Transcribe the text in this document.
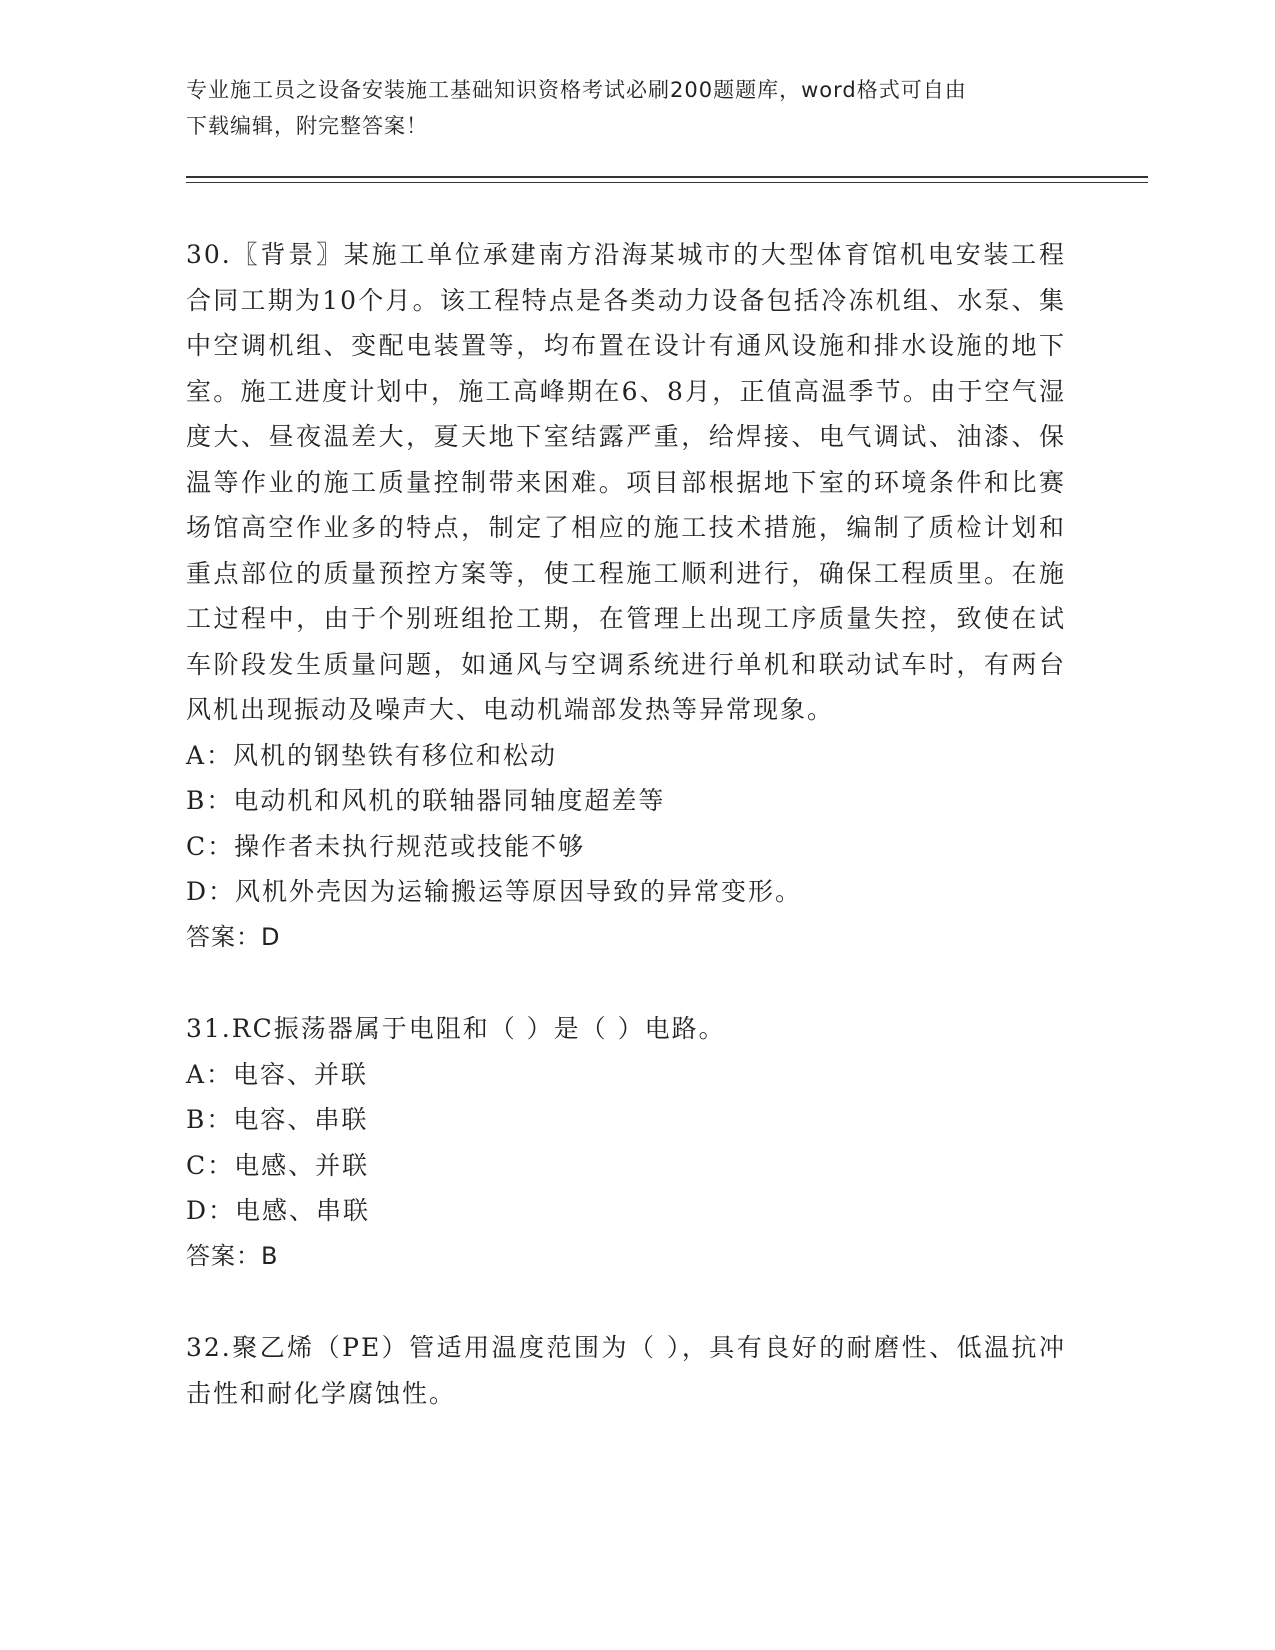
专业施工员之设备安装施工基础知识资格考试必刷200题题库，word格式可自由
下载编辑，附完整答案！

30.〖背景〗某施工单位承建南方沿海某城市的大型体育馆机电安装工程合同工期为10个月。该工程特点是各类动力设备包括冷冻机组、水泵、集中空调机组、变配电装置等，均布置在设计有通风设施和排水设施的地下室。施工进度计划中，施工高峰期在6、8月，正值高温季节。由于空气湿度大、昼夜温差大，夏天地下室结露严重，给焊接、电气调试、油漆、保温等作业的施工质量控制带来困难。项目部根据地下室的环境条件和比赛场馆高空作业多的特点，制定了相应的施工技术措施，编制了质检计划和重点部位的质量预控方案等，使工程施工顺利进行，确保工程质里。在施工过程中，由于个别班组抢工期，在管理上出现工序质量失控，致使在试车阶段发生质量问题，如通风与空调系统进行单机和联动试车时，有两台风机出现振动及噪声大、电动机端部发热等异常现象。

A：风机的钢垫铁有移位和松动

B：电动机和风机的联轴器同轴度超差等

C：操作者未执行规范或技能不够

D：风机外壳因为运输搬运等原因导致的异常变形。

答案：D

31.RC振荡器属于电阻和（ ）是（ ）电路。

A：电容、并联

B：电容、串联

C：电感、并联

D：电感、串联

答案：B

32.聚乙烯（PE）管适用温度范围为（ ），具有良好的耐磨性、低温抗冲击性和耐化学腐蚀性。
